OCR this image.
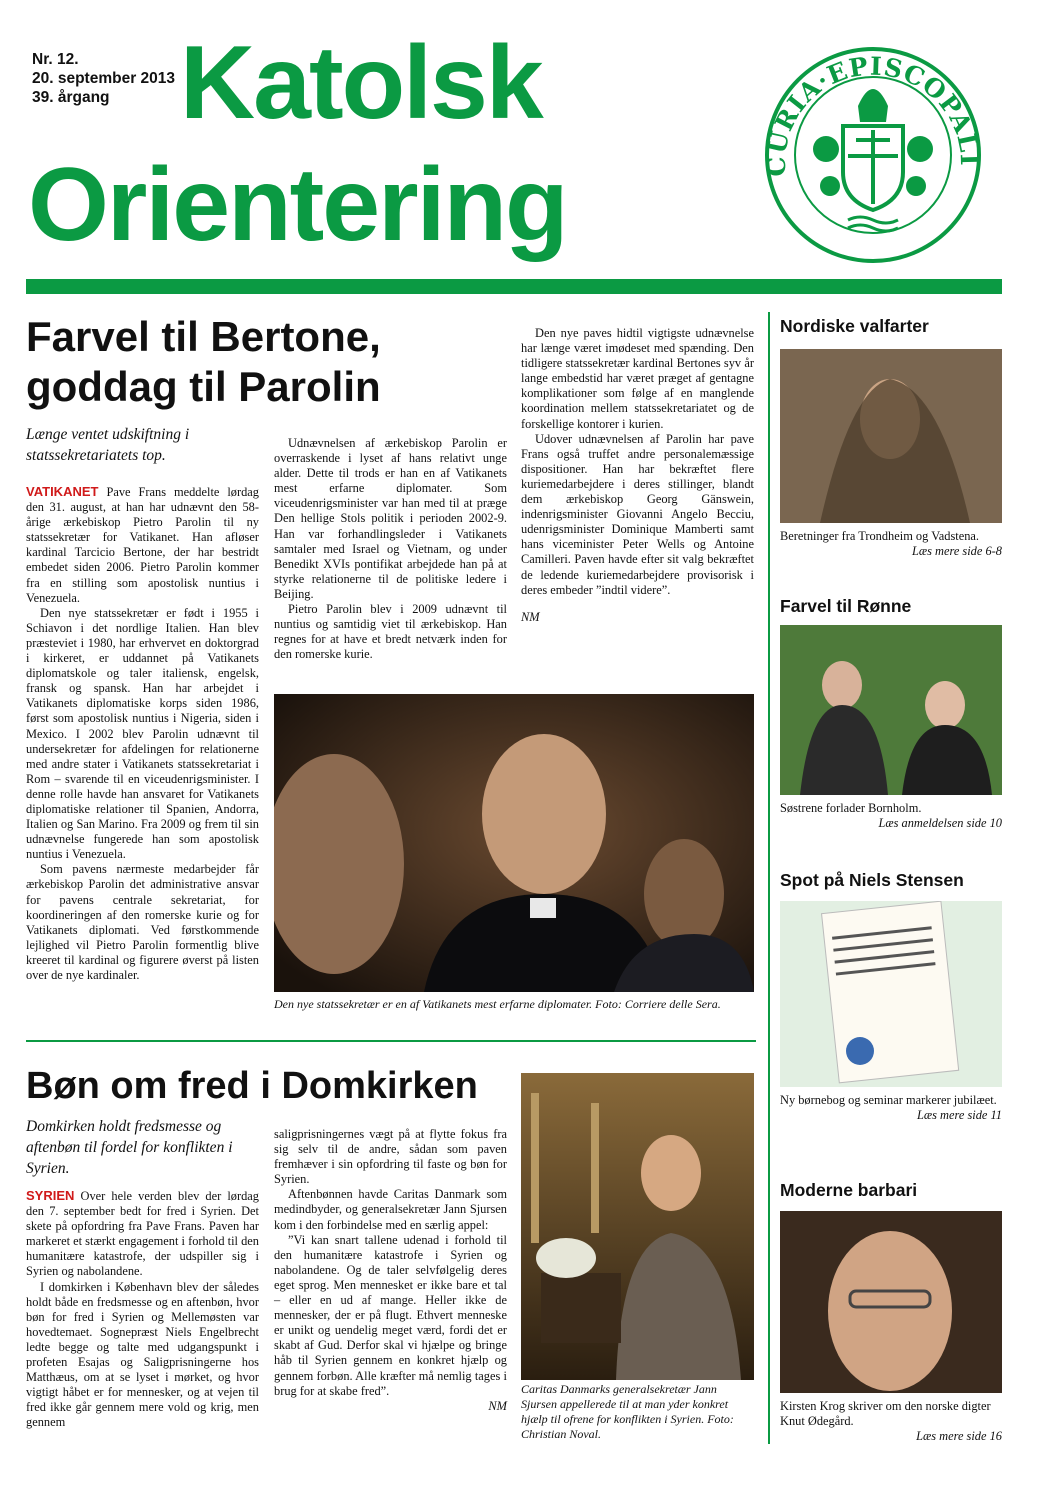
Nr. 12.
20. september 2013
39. årgang Katolsk
Orientering	CURIA·EPISCOPALI
Farvel til Bertone,
goddag til Parolin
Længe ventet udskiftning i statssekretariatets top.

VATIKANET Pave Frans meddelte lørdag den 31. august, at han har udnævnt den 58-årige ærkebiskop Pietro Parolin til ny statssekretær for Vatikanet. Han afløser kardinal Tarcicio Bertone, der har bestridt embedet siden 2006. Pietro Parolin kommer fra en stilling som apostolisk nuntius i Venezuela.

Den nye statssekretær er født i 1955 i Schiavon i det nordlige Italien. Han blev præsteviet i 1980, har erhvervet en doktorgrad i kirkeret, er uddannet på Vatikanets diplomatskole og taler italiensk, engelsk, fransk og spansk. Han har arbejdet i Vatikanets diplomatiske korps siden 1986, først som apostolisk nuntius i Nigeria, siden i Mexico. I 2002 blev Parolin udnævnt til undersekretær for afdelingen for relationerne med andre stater i Vatikanets statssekretariat i Rom – svarende til en viceudenrigsminister. I denne rolle havde han ansvaret for Vatikanets diplomatiske relationer til Spanien, Andorra, Italien og San Marino. Fra 2009 og frem til sin udnævnelse fungerede han som apostolisk nuntius i Venezuela.

Som pavens nærmeste medarbejder får ærkebiskop Parolin det administrative ansvar for pavens centrale sekretariat, for koordineringen af den romerske kurie og for Vatikanets diplomati. Ved førstkommende lejlighed vil Pietro Parolin formentlig blive kreeret til kardinal og figurere øverst på listen over de nye kardinaler.

Udnævnelsen af ærkebiskop Parolin er overraskende i lyset af hans relativt unge alder. Dette til trods er han en af Vatikanets mest erfarne diplomater. Som viceudenrigsminister var han med til at præge Den hellige Stols politik i perioden 2002-9. Han var forhandlingsleder i Vatikanets samtaler med Israel og Vietnam, og under Benedikt XVIs pontifikat arbejdede han på at styrke relationerne til de politiske ledere i Beijing.

Pietro Parolin blev i 2009 udnævnt til nuntius og samtidig viet til ærkebiskop. Han regnes for at have et bredt netværk inden for den romerske kurie.

Den nye paves hidtil vigtigste udnævnelse har længe været imødeset med spænding. Den tidligere statssekretær kardinal Bertones syv år lange embedstid har været præget af gentagne komplikationer som følge af en manglende koordination mellem statssekretariatet og de forskellige kontorer i kurien.

Udover udnævnelsen af Parolin har pave Frans også truffet andre personalemæssige dispositioner. Han har bekræftet flere kuriemedarbejdere i deres stillinger, blandt dem ærkebiskop Georg Gänswein, indenrigsminister Giovanni Angelo Becciu, udenrigsminister Dominique Mamberti samt hans viceminister Peter Wells og Antoine Camilleri. Paven havde efter sit valg bekræftet de ledende kuriemedarbejdere provisorisk i deres embeder ”indtil videre”.

NM

Den nye statssekretær er en af Vatikanets mest erfarne diplomater. Foto: Corriere delle Sera.
Bøn om fred i Domkirken
Domkirken holdt fredsmesse og aftenbøn til fordel for konflikten i Syrien.

SYRIEN Over hele verden blev der lørdag den 7. september bedt for fred i Syrien. Det skete på opfordring fra Pave Frans. Paven har markeret et stærkt engagement i forhold til den humanitære katastrofe, der udspiller sig i Syrien og nabolandene.

I domkirken i København blev der således holdt både en fredsmesse og en aftenbøn, hvor bøn for fred i Syrien og Mellemøsten var hovedtemaet. Sognepræst Niels Engelbrecht ledte begge og talte med udgangspunkt i profeten Esajas og Saligprisningerne hos Matthæus, om at se lyset i mørket, og hvor vigtigt håbet er for mennesker, og at vejen til fred ikke går gennem mere vold og krig, men gennem

saligprisningernes vægt på at flytte fokus fra sig selv til de andre, sådan som paven fremhæver i sin opfordring til faste og bøn for Syrien.

Aftenbønnen havde Caritas Danmark som medindbyder, og generalsekretær Jann Sjursen kom i den forbindelse med en særlig appel:

”Vi kan snart tallene udenad i forhold til den humanitære katastrofe i Syrien og nabolandene. Og de taler selvfølgelig deres eget sprog. Men mennesket er ikke bare et tal – eller en ud af mange. Heller ikke de mennesker, der er på flugt. Ethvert menneske er unikt og uendelig meget værd, fordi det er skabt af Gud. Derfor skal vi hjælpe og bringe håb til Syrien gennem en konkret hjælp og gennem forbøn. Alle kræfter må nemlig tages i brug for at skabe fred”.

NM

Caritas Danmarks generalsekretær Jann Sjursen appellerede til at man yder konkret hjælp til ofrene for konflikten i Syrien. Foto: Christian Noval.
Nordiske valfarter
Beretninger fra Trondheim og Vadstena.
Læs mere side 6-8
Farvel til Rønne
Søstrene forlader Bornholm.
Læs anmeldelsen side 10
Spot på Niels Stensen
Ny børnebog og seminar markerer jubilæet.
Læs mere side 11
Moderne barbari
Kirsten Krog skriver om den norske digter Knut Ødegård.
Læs mere side 16
